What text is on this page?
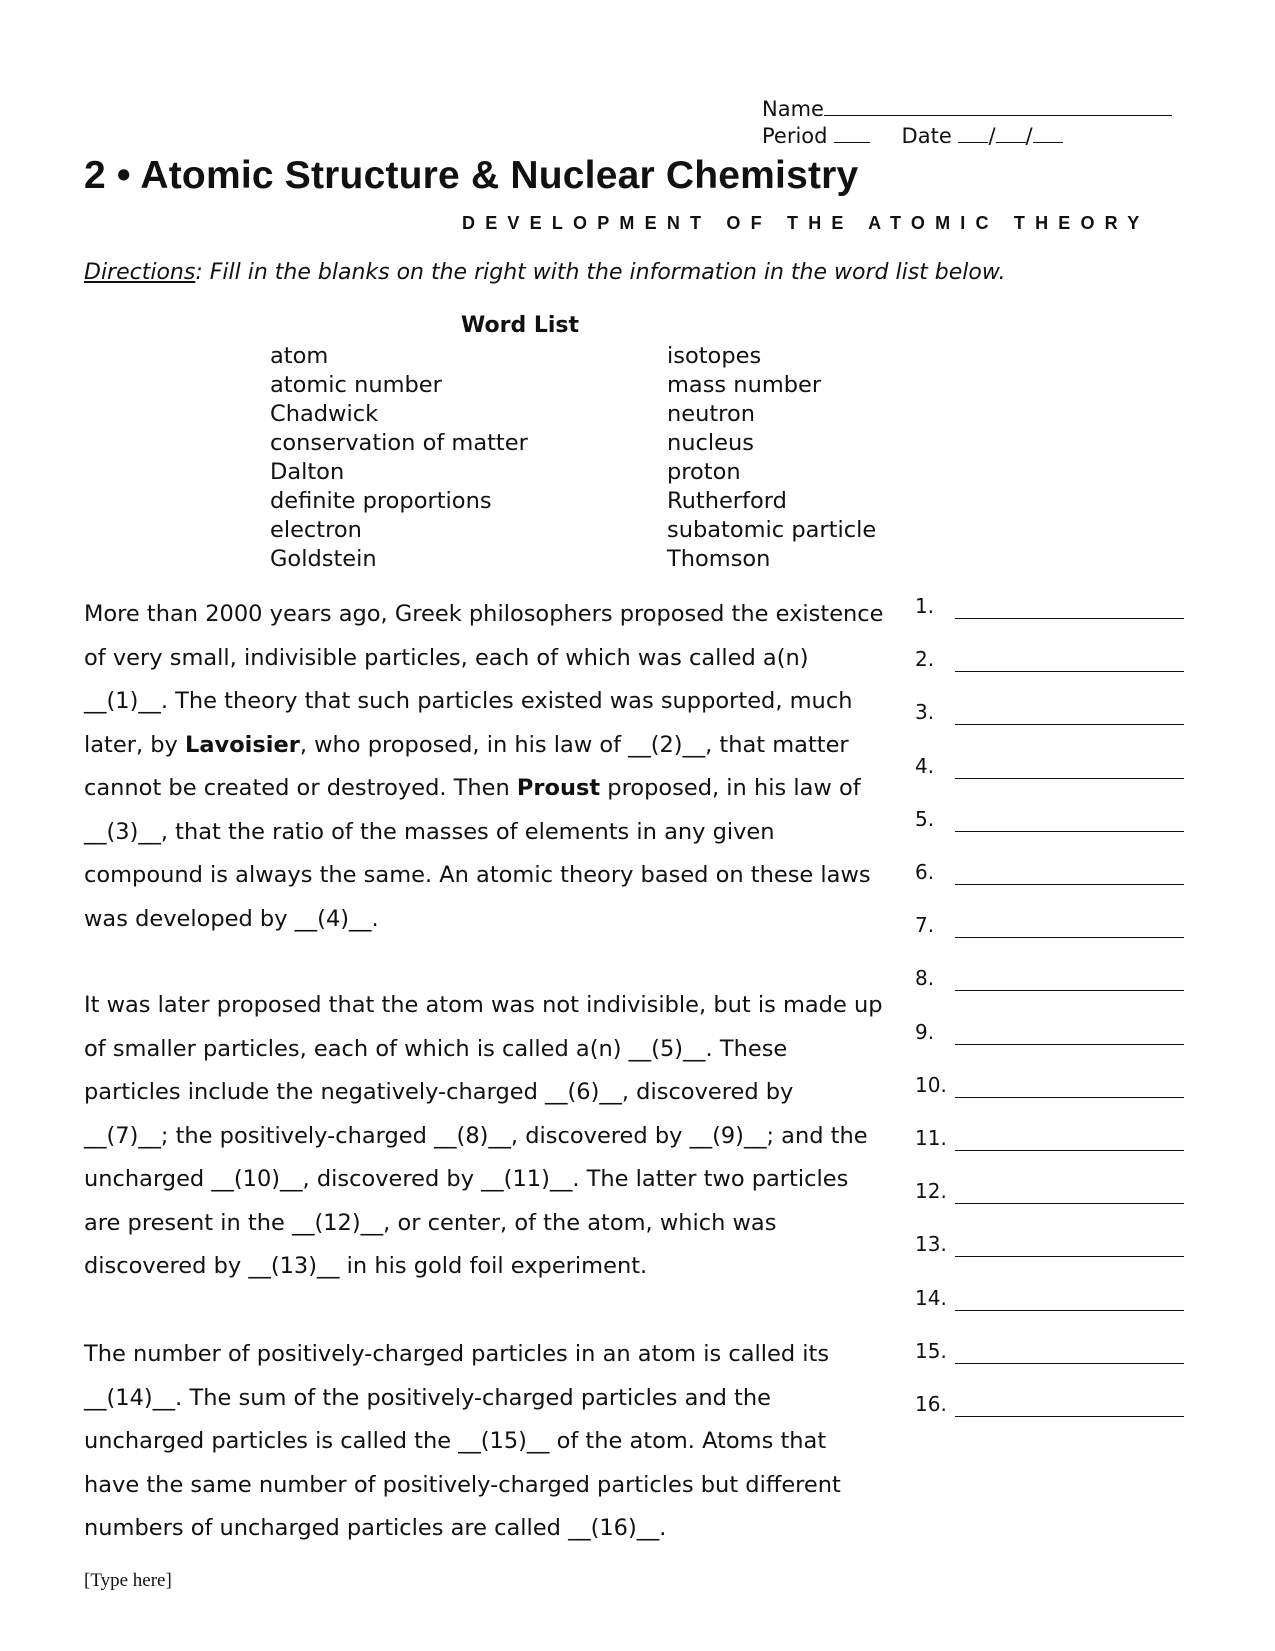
Name
Period	Date / /
2 • Atomic Structure & Nuclear Chemistry
DEVELOPMENT OF THE ATOMIC THEORY
Directions: Fill in the blanks on the right with the information in the word list below.
Word List
atom
atomic number
Chadwick
conservation of matter
Dalton
definite proportions
electron
Goldstein
isotopes
mass number
neutron
nucleus
proton
Rutherford
subatomic particle
Thomson
More than 2000 years ago, Greek philosophers proposed the existence
of very small, indivisible particles, each of which was called a(n)
__(1)__. The theory that such particles existed was supported, much
later, by Lavoisier, who proposed, in his law of __(2)__, that matter
cannot be created or destroyed. Then Proust proposed, in his law of
__(3)__, that the ratio of the masses of elements in any given
compound is always the same. An atomic theory based on these laws
was developed by __(4)__.
It was later proposed that the atom was not indivisible, but is made up
of smaller particles, each of which is called a(n) __(5)__. These
particles include the negatively-charged __(6)__, discovered by
__(7)__; the positively-charged __(8)__, discovered by __(9)__; and the
uncharged __(10)__, discovered by __(11)__. The latter two particles
are present in the __(12)__, or center, of the atom, which was
discovered by __(13)__ in his gold foil experiment.
The number of positively-charged particles in an atom is called its
__(14)__. The sum of the positively-charged particles and the
uncharged particles is called the __(15)__ of the atom. Atoms that
have the same number of positively-charged particles but different
numbers of uncharged particles are called __(16)__.
1.
2.
3.
4.
5.
6.
7.
8.
9.
10.
11.
12.
13.
14.
15.
16.
[Type here]
